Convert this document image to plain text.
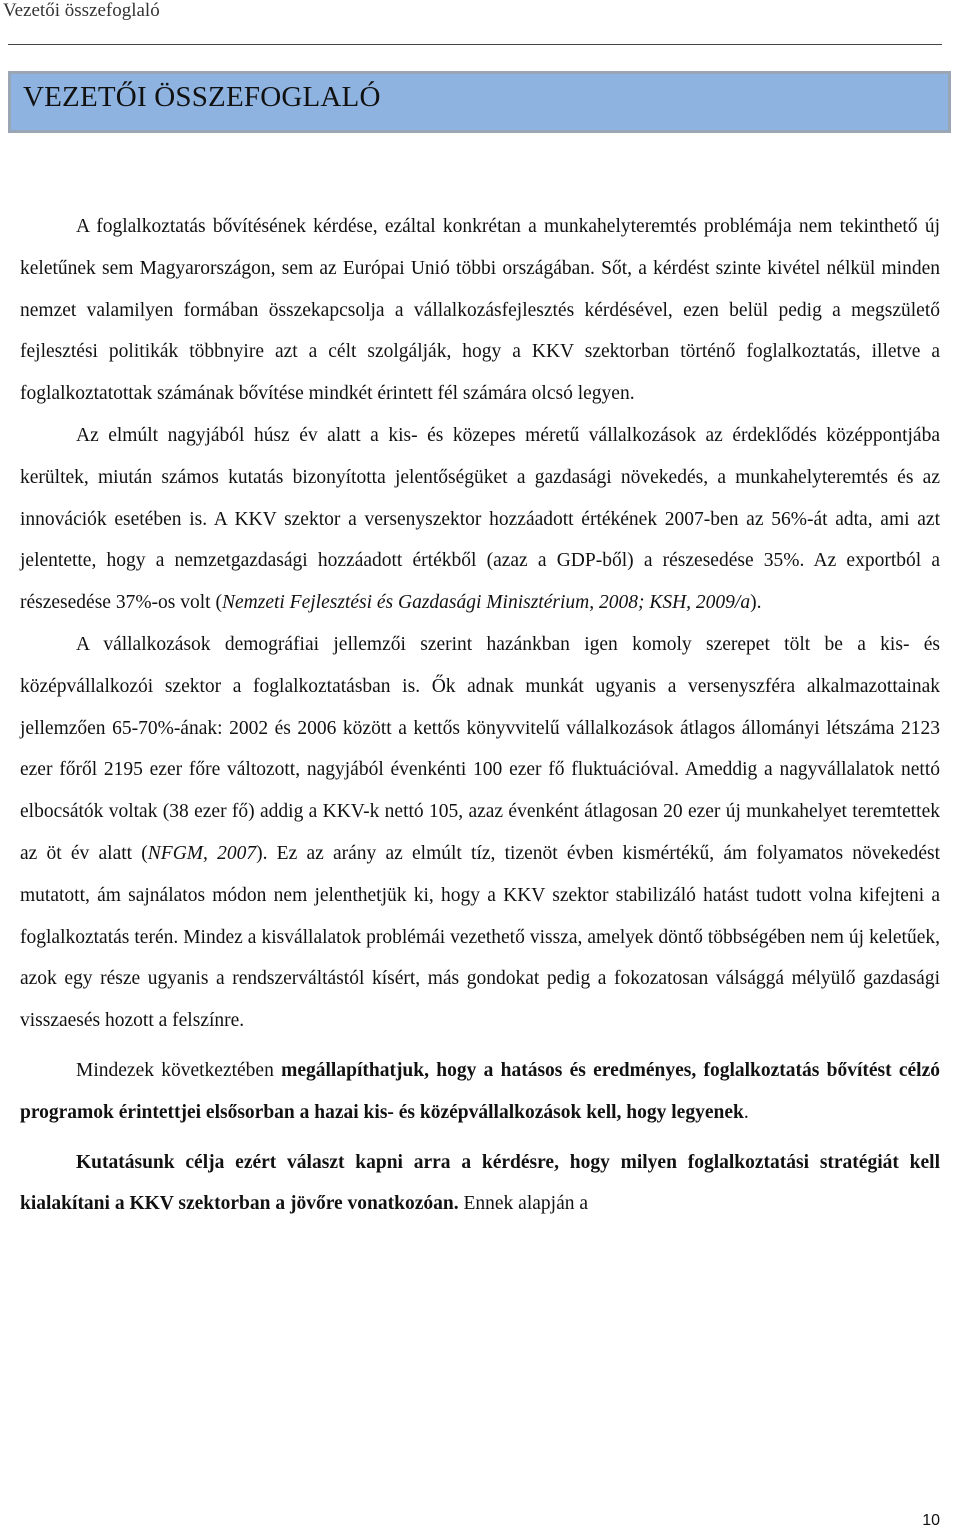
Vezetői összefoglaló
VEZETŐI ÖSSZEFOGLALÓ

A foglalkoztatás bővítésének kérdése, ezáltal konkrétan a munkahelyteremtés problémája nem tekinthető új keletűnek sem Magyarországon, sem az Európai Unió többi országában. Sőt, a kérdést szinte kivétel nélkül minden nemzet valamilyen formában összekapcsolja a vállalkozásfejlesztés kérdésével, ezen belül pedig a megszülető fejlesztési politikák többnyire azt a célt szolgálják, hogy a KKV szektorban történő foglalkoztatás, illetve a foglalkoztatottak számának bővítése mindkét érintett fél számára olcsó legyen.

Az elmúlt nagyjából húsz év alatt a kis- és közepes méretű vállalkozások az érdeklődés középpontjába kerültek, miután számos kutatás bizonyította jelentőségüket a gazdasági növekedés, a munkahelyteremtés és az innovációk esetében is. A KKV szektor a versenyszektor hozzáadott értékének 2007-ben az 56%-át adta, ami azt jelentette, hogy a nemzetgazdasági hozzáadott értékből (azaz a GDP-ből) a részesedése 35%. Az exportból a részesedése 37%-os volt (Nemzeti Fejlesztési és Gazdasági Minisztérium, 2008; KSH, 2009/a).

A vállalkozások demográfiai jellemzői szerint hazánkban igen komoly szerepet tölt be a kis- és középvállalkozói szektor a foglalkoztatásban is. Ők adnak munkát ugyanis a versenyszféra alkalmazottainak jellemzően 65-70%-ának: 2002 és 2006 között a kettős könyvvitelű vállalkozások átlagos állományi létszáma 2123 ezer főről 2195 ezer főre változott, nagyjából évenkénti 100 ezer fő fluktuációval. Ameddig a nagyvállalatok nettó elbocsátók voltak (38 ezer fő) addig a KKV-k nettó 105, azaz évenként átlagosan 20 ezer új munkahelyet teremtettek az öt év alatt (NFGM, 2007). Ez az arány az elmúlt tíz, tizenöt évben kismértékű, ám folyamatos növekedést mutatott, ám sajnálatos módon nem jelenthetjük ki, hogy a KKV szektor stabilizáló hatást tudott volna kifejteni a foglalkoztatás terén. Mindez a kisvállalatok problémái vezethető vissza, amelyek döntő többségében nem új keletűek, azok egy része ugyanis a rendszerváltástól kísért, más gondokat pedig a fokozatosan válsággá mélyülő gazdasági visszaesés hozott a felszínre.

Mindezek következtében megállapíthatjuk, hogy a hatásos és eredményes, foglalkoztatás bővítést célzó programok érintettjei elsősorban a hazai kis- és középvállalkozások kell, hogy legyenek.

Kutatásunk célja ezért választ kapni arra a kérdésre, hogy milyen foglalkoztatási stratégiát kell kialakítani a KKV szektorban a jövőre vonatkozóan. Ennek alapján a

10
